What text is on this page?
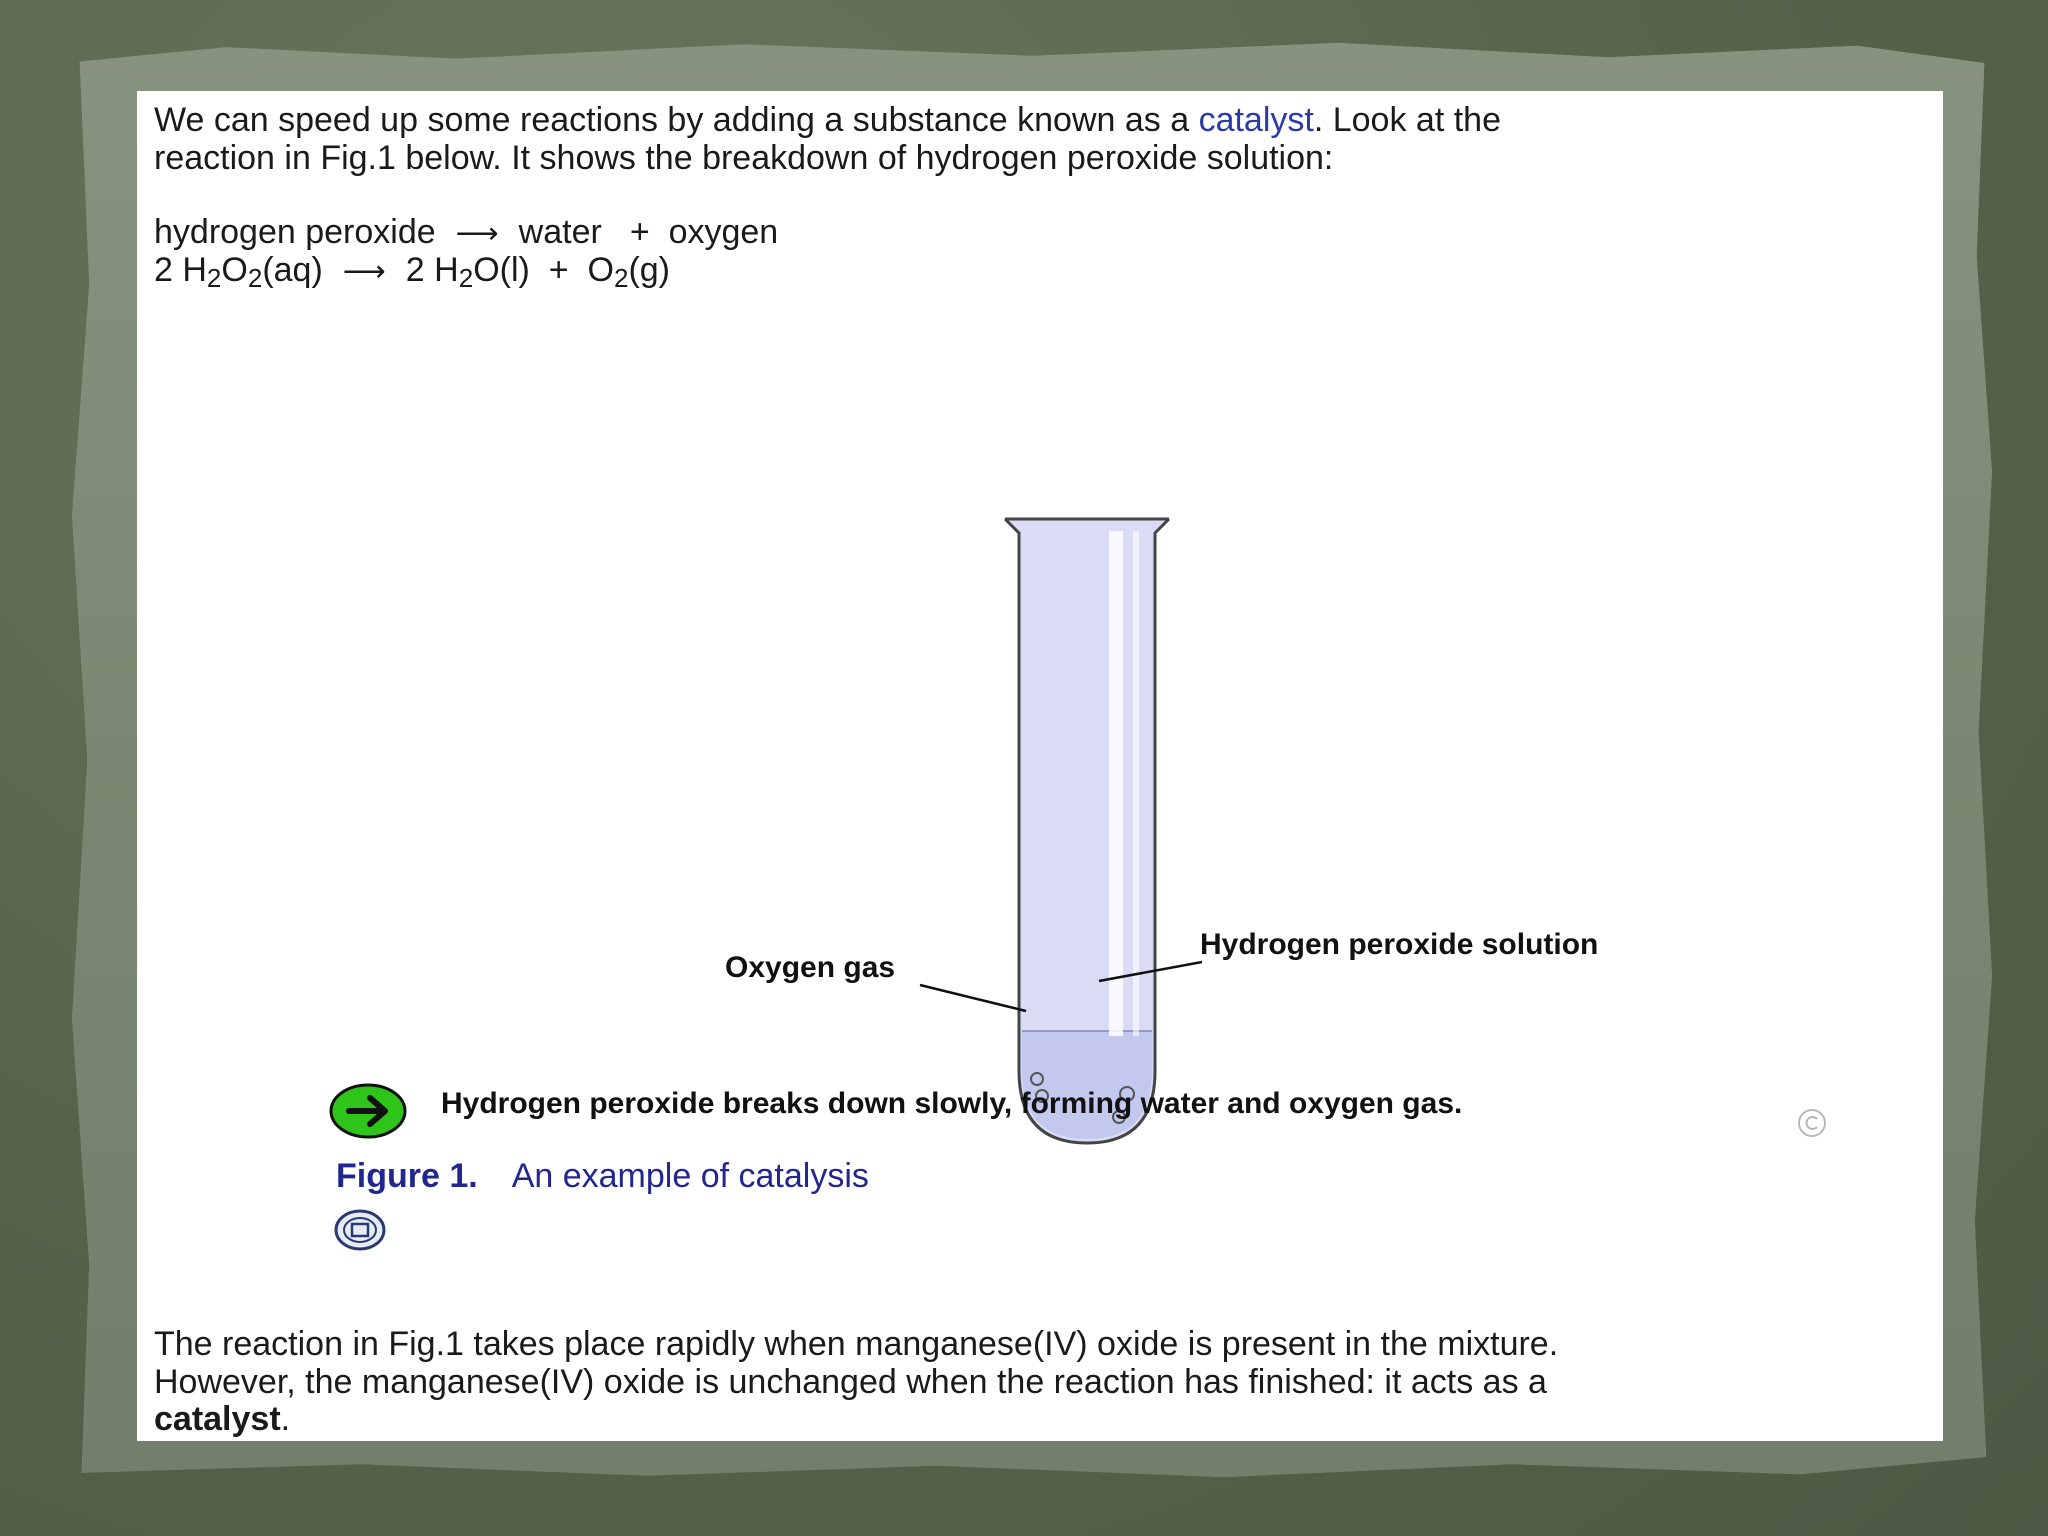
We can speed up some reactions by adding a substance known as a catalyst. Look at the
reaction in Fig.1 below. It shows the breakdown of hydrogen peroxide solution:
hydrogen peroxide ⟶ water + oxygen
2 $H_2O_2(aq)$ ⟶ 2 $H_2O(l) + O_2(g)$
Oxygen gas
Hydrogen peroxide solution
Hydrogen peroxide breaks down slowly, forming water and oxygen gas.
Figure 1. An example of catalysis
The reaction in Fig.1 takes place rapidly when manganese(IV) oxide is present in the mixture.
However, the manganese(IV) oxide is unchanged when the reaction has finished: it acts as a
catalyst.
